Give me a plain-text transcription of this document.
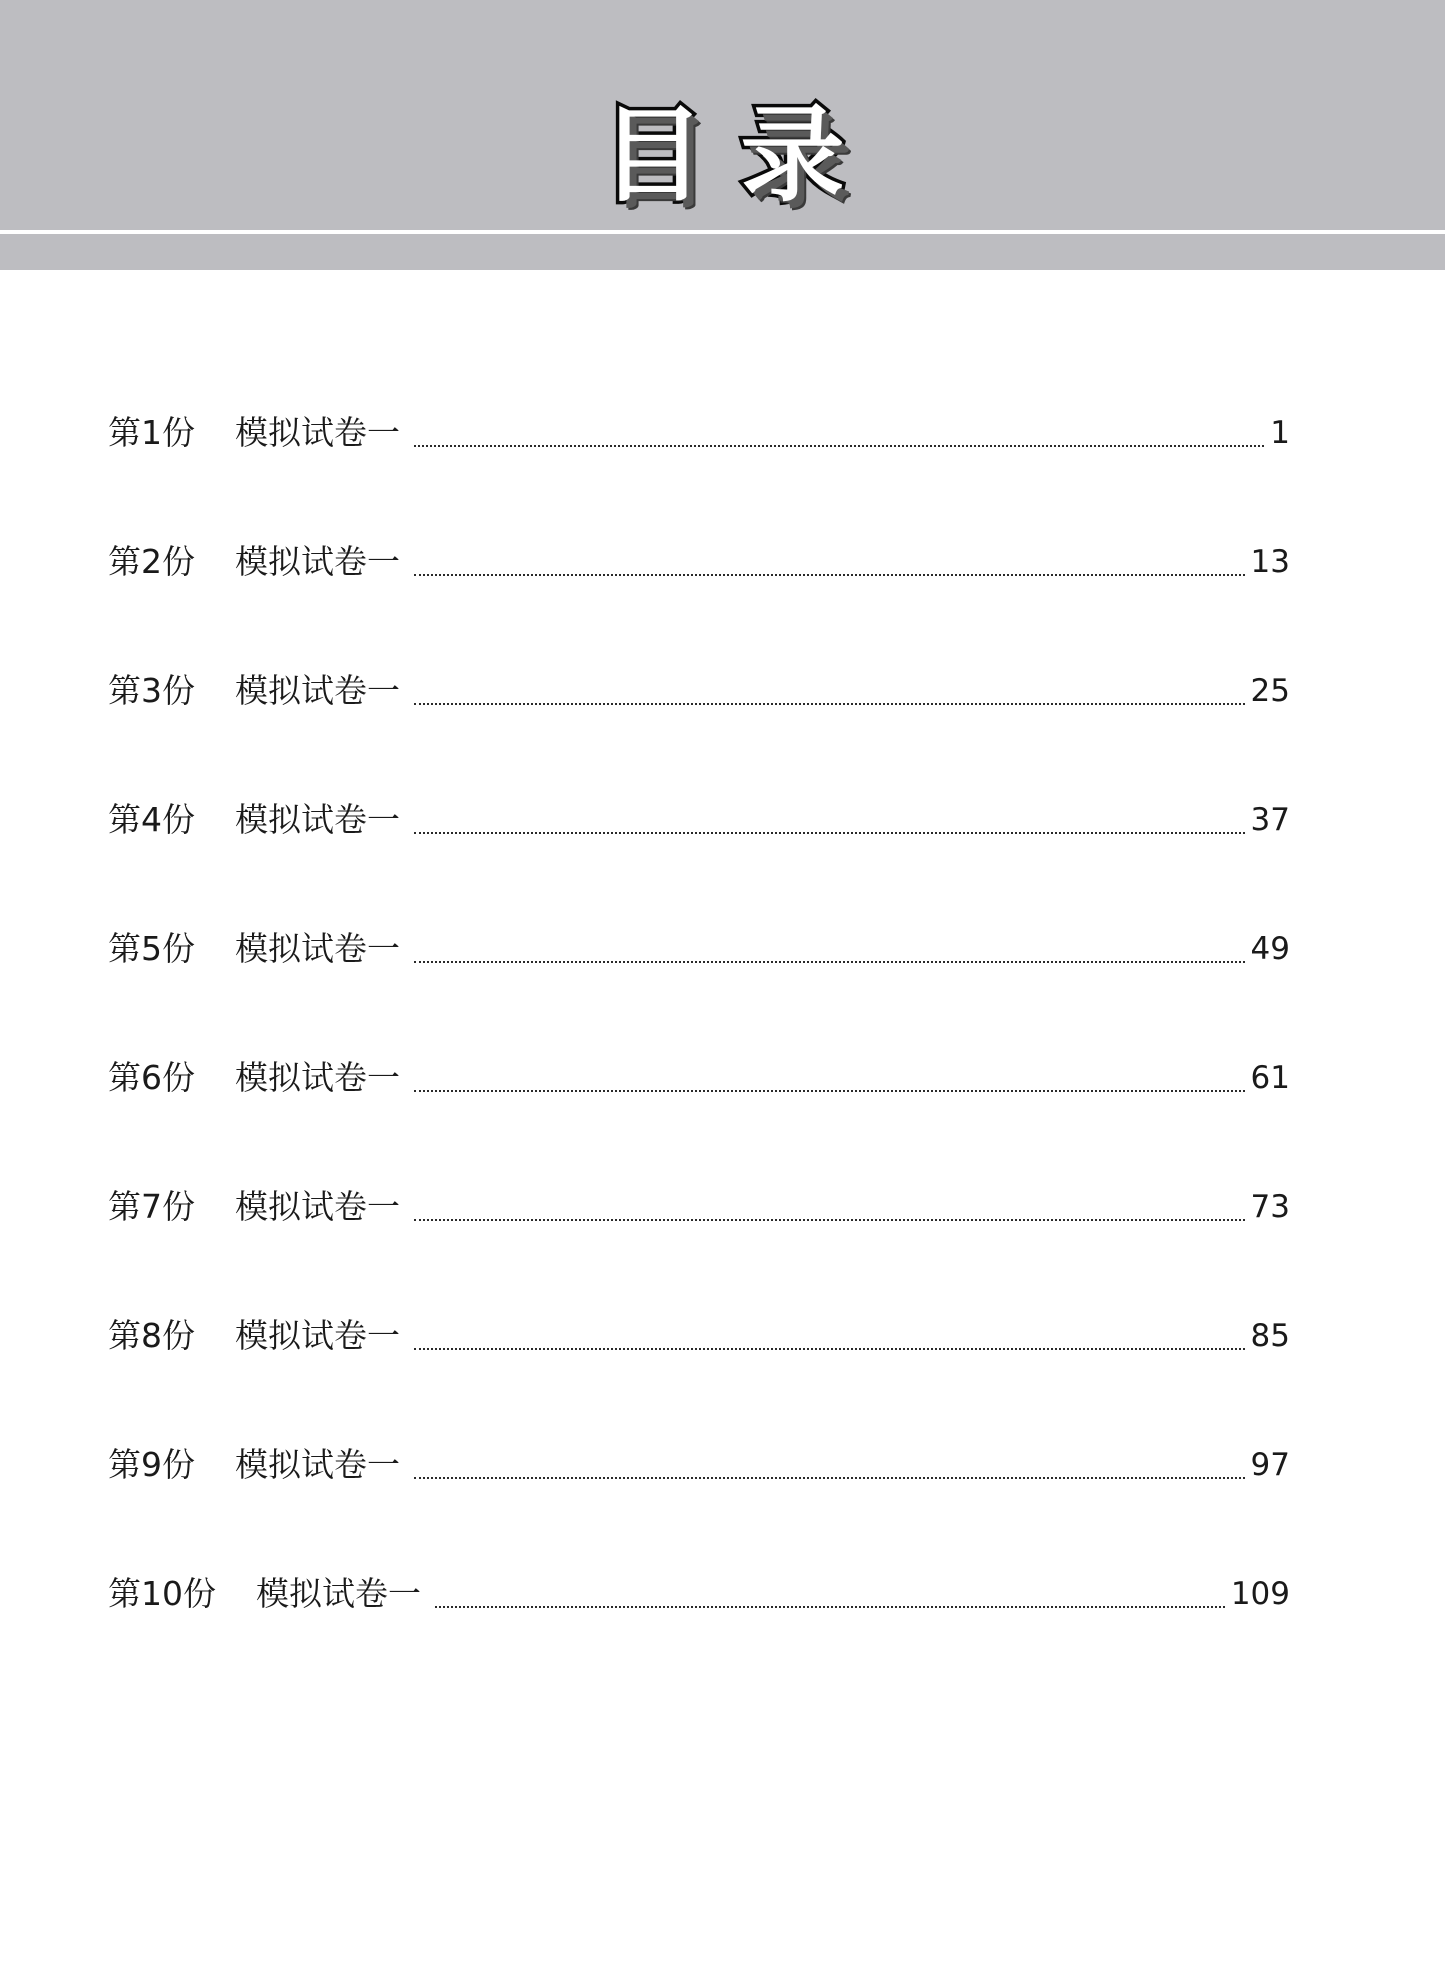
目录
第1份 模拟试卷一	1
第2份 模拟试卷一	13
第3份 模拟试卷一	25
第4份 模拟试卷一	37
第5份 模拟试卷一	49
第6份 模拟试卷一	61
第7份 模拟试卷一	73
第8份 模拟试卷一	85
第9份 模拟试卷一	97
第10份 模拟试卷一	109
